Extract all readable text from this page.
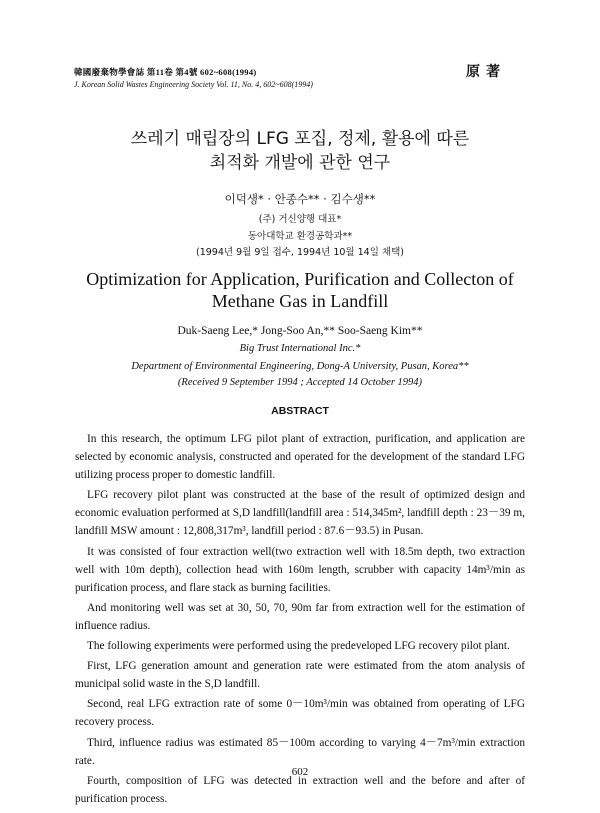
韓國廢棄物學會誌 第11卷 第4號 602~608(1994)
J. Korean Solid Wastes Engineering Society Vol. 11, No. 4, 602~608(1994)
原著
쓰레기 매립장의 LFG 포집, 정제, 활용에 따른
최적화 개발에 관한 연구
이덕생* · 안종수** · 김수생**
(주) 거신양행 대표*
동아대학교 환경공학과**
(1994년 9월 9일 접수, 1994년 10월 14일 채택)
Optimization for Application, Purification and Collecton of
Methane Gas in Landfill
Duk-Saeng Lee,* Jong-Soo An,** Soo-Saeng Kim**
Big Trust International Inc.*
Department of Environmental Engineering, Dong-A University, Pusan, Korea**
(Received 9 September 1994 ; Accepted 14 October 1994)
ABSTRACT

In this research, the optimum LFG pilot plant of extraction, purification, and application are selected by economic analysis, constructed and operated for the development of the standard LFG utilizing process proper to domestic landfill.

LFG recovery pilot plant was constructed at the base of the result of optimized design and economic evaluation performed at S,D landfill(landfill area : 514,345m², landfill depth : 23－39 m, landfill MSW amount : 12,808,317m³, landfill period : 87.6－93.5) in Pusan.

It was consisted of four extraction well(two extraction well with 18.5m depth, two extraction well with 10m depth), collection head with 160m length, scrubber with capacity 14m³/min as purification process, and flare stack as burning facilities.

And monitoring well was set at 30, 50, 70, 90m far from extraction well for the estimation of influence radius.

The following experiments were performed using the predeveloped LFG recovery pilot plant.

First, LFG generation amount and generation rate were estimated from the atom analysis of municipal solid waste in the S,D landfill.

Second, real LFG extraction rate of some 0－10m³/min was obtained from operating of LFG recovery process.

Third, influence radius was estimated 85－100m according to varying 4－7m³/min extraction rate.

Fourth, composition of LFG was detected in extraction well and the before and after of purification process.

602
